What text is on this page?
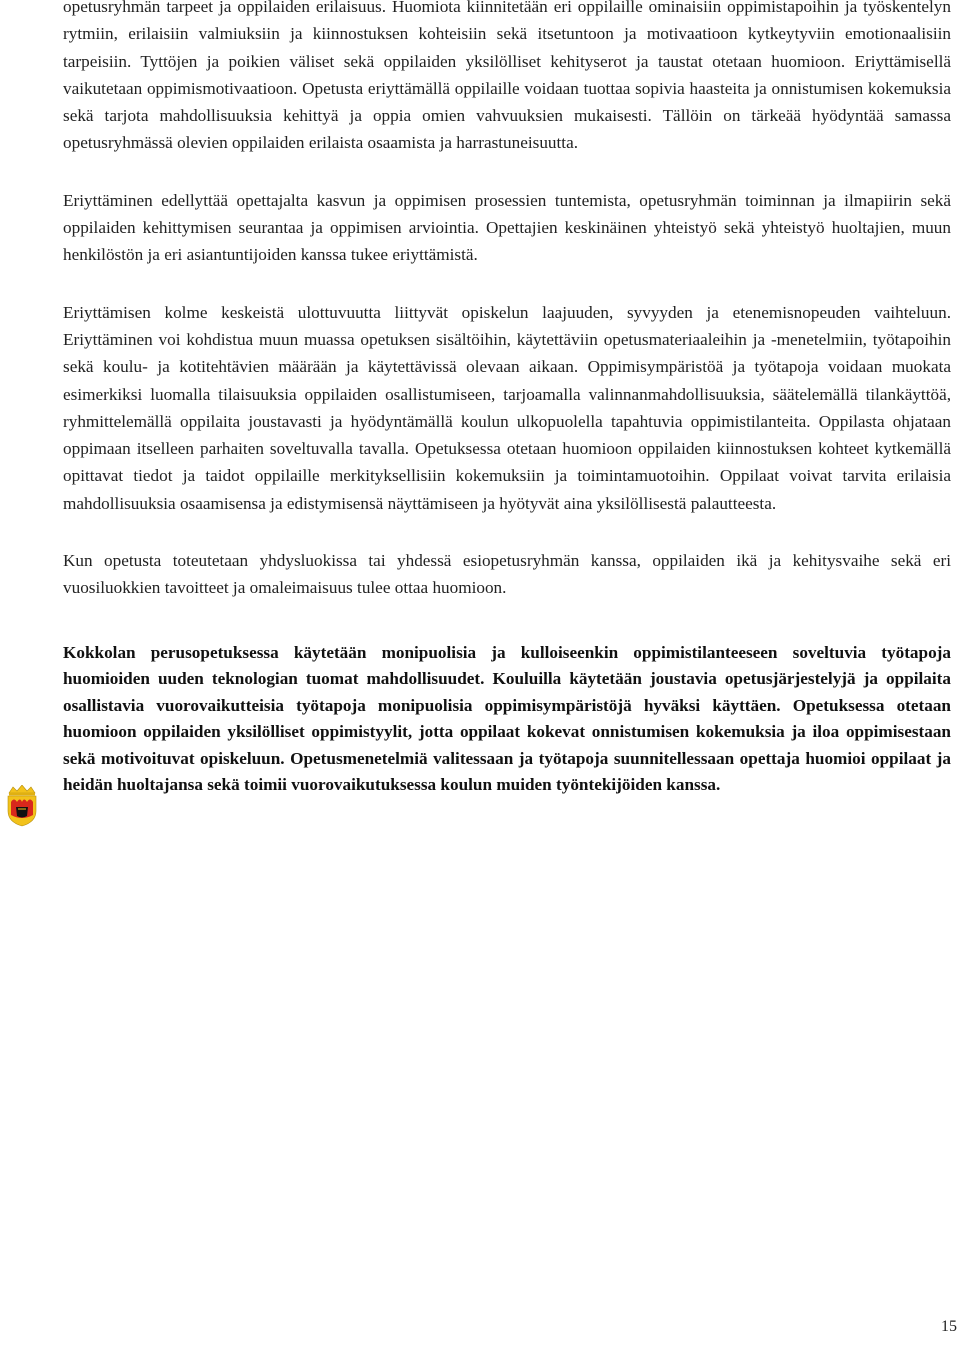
opetusryhmän tarpeet ja oppilaiden erilaisuus. Huomiota kiinnitetään eri oppilaille ominaisiin oppimistapoihin ja työskentelyn rytmiin, erilaisiin valmiuksiin ja kiinnostuksen kohteisiin sekä itsetuntoon ja motivaatioon kytkeytyviin emotionaalisiin tarpeisiin. Tyttöjen ja poikien väliset sekä oppilaiden yksilölliset kehityserot ja taustat otetaan huomioon. Eriyttämisellä vaikutetaan oppimismotivaatioon. Opetusta eriyttämällä oppilaille voidaan tuottaa sopivia haasteita ja onnistumisen kokemuksia sekä tarjota mahdollisuuksia kehittyä ja oppia omien vahvuuksien mukaisesti. Tällöin on tärkeää hyödyntää samassa opetusryhmässä olevien oppilaiden erilaista osaamista ja harrastuneisuutta.

Eriyttäminen edellyttää opettajalta kasvun ja oppimisen prosessien tuntemista, opetusryhmän toiminnan ja ilmapiirin sekä oppilaiden kehittymisen seurantaa ja oppimisen arviointia. Opettajien keskinäinen yhteistyö sekä yhteistyö huoltajien, muun henkilöstön ja eri asiantuntijoiden kanssa tukee eriyttämistä.

Eriyttämisen kolme keskeistä ulottuvuutta liittyvät opiskelun laajuuden, syvyyden ja etenemisnopeuden vaihteluun. Eriyttäminen voi kohdistua muun muassa opetuksen sisältöihin, käytettäviin opetusmateriaaleihin ja -menetelmiin, työtapoihin sekä koulu- ja kotitehtävien määrään ja käytettävissä olevaan aikaan. Oppimisympäristöä ja työtapoja voidaan muokata esimerkiksi luomalla tilaisuuksia oppilaiden osallistumiseen, tarjoamalla valinnanmahdollisuuksia, säätelemällä tilankäyttöä, ryhmittelemällä oppilaita joustavasti ja hyödyntämällä koulun ulkopuolella tapahtuvia oppimistilanteita. Oppilasta ohjataan oppimaan itselleen parhaiten soveltuvalla tavalla. Opetuksessa otetaan huomioon oppilaiden kiinnostuksen kohteet kytkemällä opittavat tiedot ja taidot oppilaille merkityksellisiin kokemuksiin ja toimintamuotoihin. Oppilaat voivat tarvita erilaisia mahdollisuuksia osaamisensa ja edistymisensä näyttämiseen ja hyötyvät aina yksilöllisestä palautteesta.

Kun opetusta toteutetaan yhdysluokissa tai yhdessä esiopetusryhmän kanssa, oppilaiden ikä ja kehitysvaihe sekä eri vuosiluokkien tavoitteet ja omaleimaisuus tulee ottaa huomioon.

Kokkolan perusopetuksessa käytetään monipuolisia ja kulloiseenkin oppimistilanteeseen soveltuvia työtapoja huomioiden uuden teknologian tuomat mahdollisuudet. Kouluilla käytetään joustavia opetusjärjestelyjä ja oppilaita osallistavia vuorovaikutteisia työtapoja monipuolisia oppimisympäristöjä hyväksi käyttäen. Opetuksessa otetaan huomioon oppilaiden yksilölliset oppimistyylit, jotta oppilaat kokevat onnistumisen kokemuksia ja iloa oppimisestaan sekä motivoituvat opiskeluun. Opetusmenetelmiä valitessaan ja työtapoja suunnitellessaan opettaja huomioi oppilaat ja heidän huoltajansa sekä toimii vuorovaikutuksessa koulun muiden työntekijöiden kanssa.

15
